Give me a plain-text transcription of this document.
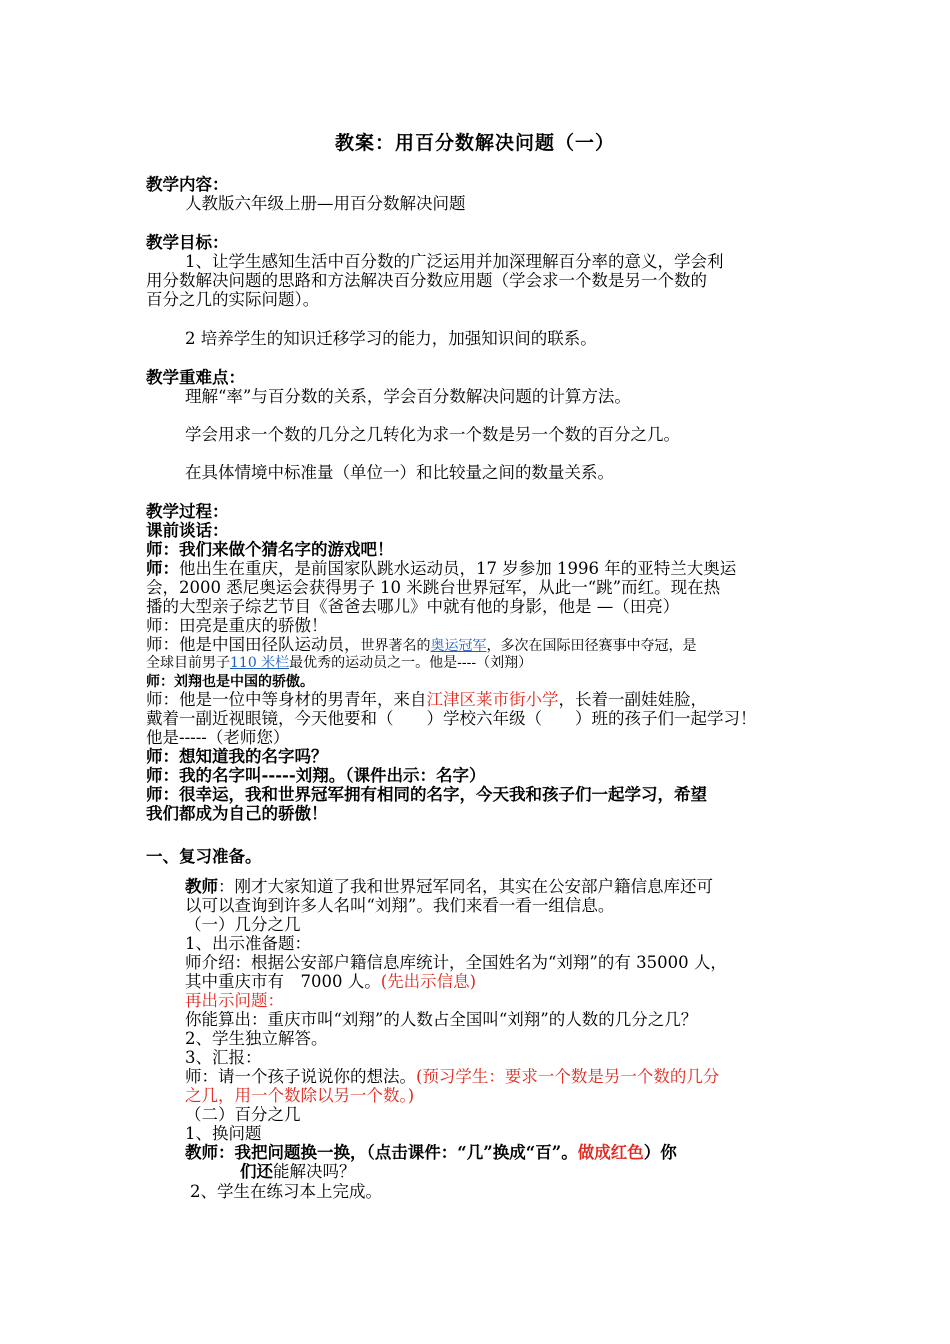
教案：用百分数解决问题（一）
教学内容：
人教版六年级上册—用百分数解决问题
教学目标：
1、让学生感知生活中百分数的广泛运用并加深理解百分率的意义，学会利
用分数解决问题的思路和方法解决百分数应用题（学会求一个数是另一个数的
百分之几的实际问题）。
2 培养学生的知识迁移学习的能力，加强知识间的联系。
教学重难点：
理解“率”与百分数的关系，学会百分数解决问题的计算方法。
学会用求一个数的几分之几转化为求一个数是另一个数的百分之几。
在具体情境中标准量（单位一）和比较量之间的数量关系。
教学过程：
课前谈话：
师：我们来做个猜名字的游戏吧！
师：他出生在重庆，是前国家队跳水运动员，17 岁参加 1996 年的亚特兰大奥运
会，2000 悉尼奥运会获得男子 10 米跳台世界冠军，从此一“跳”而红。现在热
播的大型亲子综艺节目《爸爸去哪儿》中就有他的身影，他是 —（田亮）
师：田亮是重庆的骄傲！
师：他是中国田径队运动员，世界著名的奥运冠军，多次在国际田径赛事中夺冠，是
全球目前男子110 米栏最优秀的运动员之一。他是----（刘翔）
师：刘翔也是中国的骄傲。
师：他是一位中等身材的男青年，来自江津区莱市街小学，长着一副娃娃脸，
戴着一副近视眼镜，今天他要和（　　）学校六年级（　　）班的孩子们一起学习！
他是-----（老师您）
师：想知道我的名字吗？
师：我的名字叫-----刘翔。（课件出示：名字）
师：很幸运，我和世界冠军拥有相同的名字，今天我和孩子们一起学习，希望
我们都成为自己的骄傲！
一、复习准备。
教师：刚才大家知道了我和世界冠军同名，其实在公安部户籍信息库还可
以可以查询到许多人名叫“刘翔”。我们来看一看一组信息。
（一）几分之几
1、出示准备题：
师介绍：根据公安部户籍信息库统计，全国姓名为“刘翔”的有 35000 人，
其中重庆市有　7000 人。(先出示信息)
再出示问题：
你能算出：重庆市叫“刘翔”的人数占全国叫“刘翔”的人数的几分之几？
2、学生独立解答。
3、汇报：
师：请一个孩子说说你的想法。(预习学生：要求一个数是另一个数的几分
之几，用一个数除以另一个数。)
（二）百分之几
1、换问题
教师：我把问题换一换，（点击课件：“几”换成“百”。做成红色）你
们还能解决吗？
2、学生在练习本上完成。
